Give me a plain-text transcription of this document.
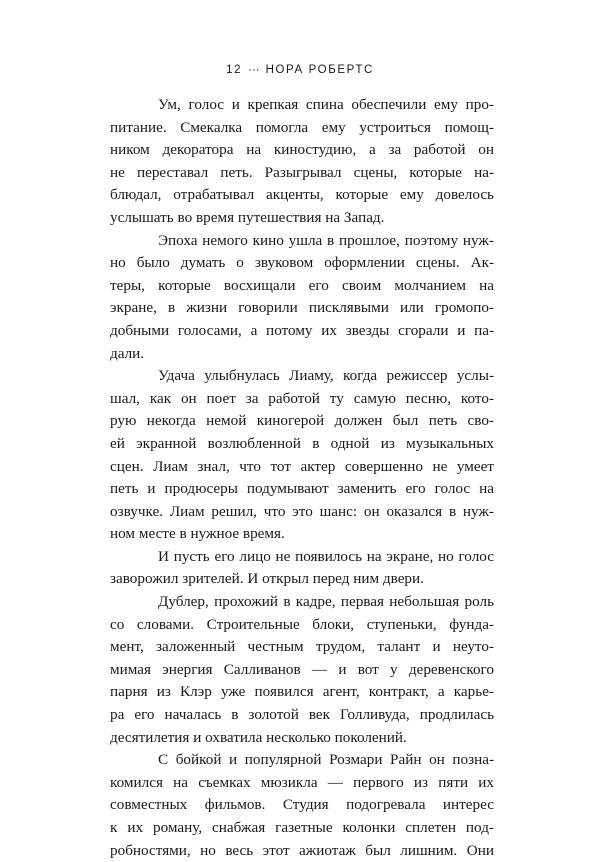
12 ··· НОРА РОБЕРТС
Ум, голос и крепкая спина обеспечили ему про-
питание. Смекалка помогла ему устроиться помощ-
ником декоратора на киностудию, а за работой он
не переставал петь. Разыгрывал сцены, которые на-
блюдал, отрабатывал акценты, которые ему довелось
услышать во время путешествия на Запад.
Эпоха немого кино ушла в прошлое, поэтому нуж-
но было думать о звуковом оформлении сцены. Ак-
теры, которые восхищали его своим молчанием на
экране, в жизни говорили писклявыми или громопо-
добными голосами, а потому их звезды сгорали и па-
дали.
Удача улыбнулась Лиаму, когда режиссер услы-
шал, как он поет за работой ту самую песню, кото-
рую некогда немой киногерой должен был петь сво-
ей экранной возлюбленной в одной из музыкальных
сцен. Лиам знал, что тот актер совершенно не умеет
петь и продюсеры подумывают заменить его голос на
озвучке. Лиам решил, что это шанс: он оказался в нуж-
ном месте в нужное время.
И пусть его лицо не появилось на экране, но голос
заворожил зрителей. И открыл перед ним двери.
Дублер, прохожий в кадре, первая небольшая роль
со словами. Строительные блоки, ступеньки, фунда-
мент, заложенный честным трудом, талант и неуто-
мимая энергия Салливанов — и вот у деревенского
парня из Клэр уже появился агент, контракт, а карье-
ра его началась в золотой век Голливуда, продлилась
десятилетия и охватила несколько поколений.
С бойкой и популярной Розмари Райн он позна-
комился на съемках мюзикла — первого из пяти их
совместных фильмов. Студия подогревала интерес
к их роману, снабжая газетные колонки сплетен под-
робностями, но весь этот ажиотаж был лишним. Они
